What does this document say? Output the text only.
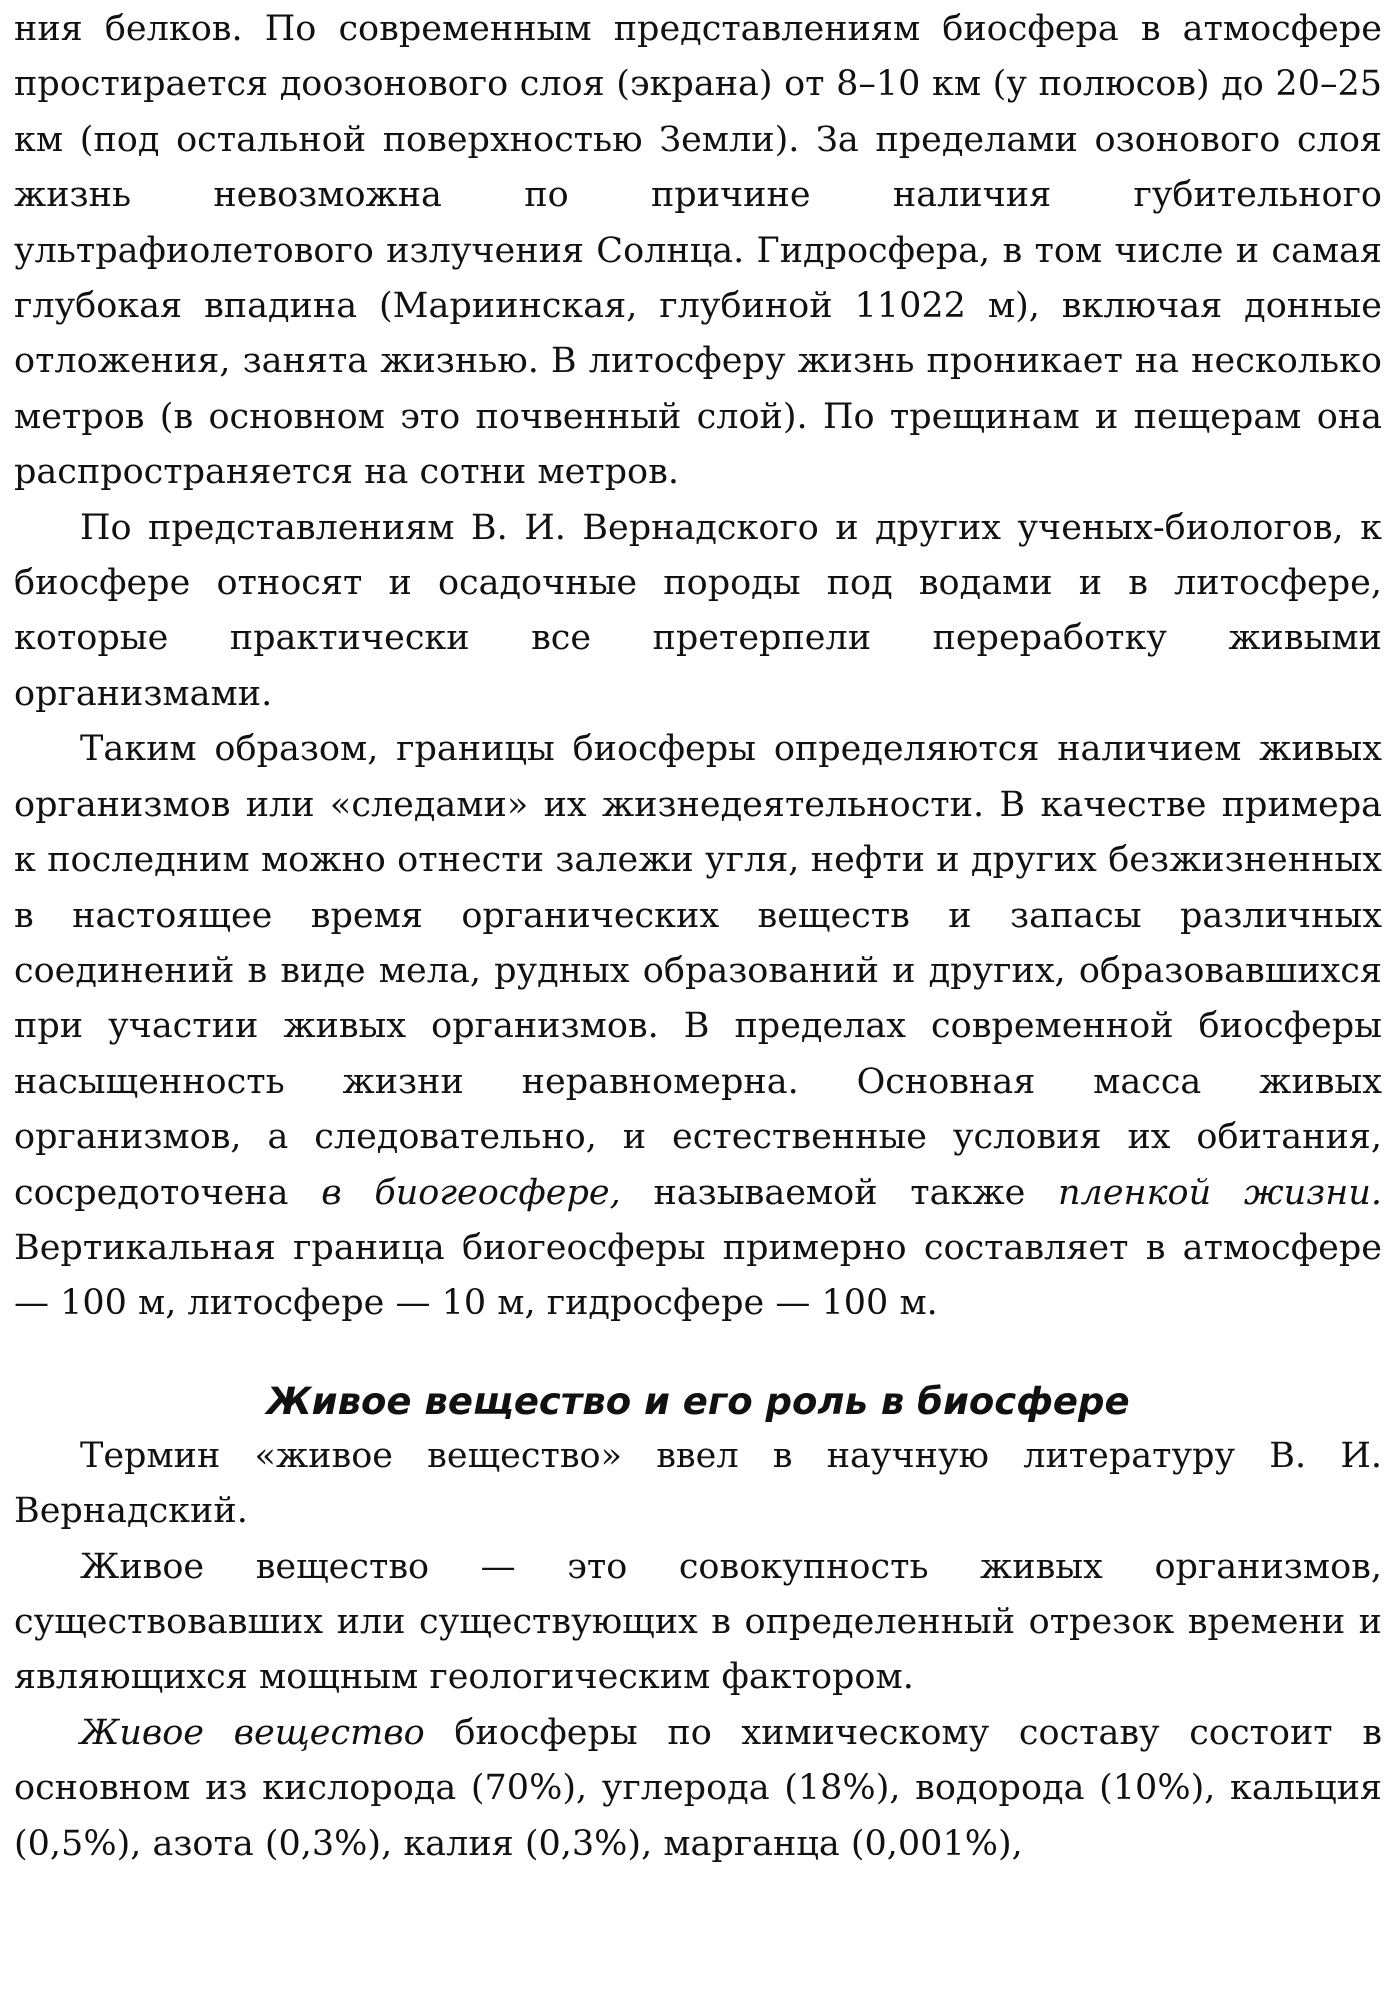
ния белков. По современным представлениям биосфера в атмосфере простирается доозонового слоя (экрана) от 8–10 км (у полюсов) до 20–25 км (под остальной поверхностью Земли). За пределами озонового слоя жизнь невозможна по причине наличия губительного ультрафиолетового излучения Солнца. Гидросфера, в том числе и самая глубокая впадина (Мариинская, глубиной 11022 м), включая донные отложения, занята жизнью. В литосферу жизнь проникает на несколько метров (в основном это почвенный слой). По трещинам и пещерам она распространяется на сотни метров.

По представлениям В. И. Вернадского и других ученых-биологов, к биосфере относят и осадочные породы под водами и в литосфере, которые практически все претерпели переработку живыми организмами.

Таким образом, границы биосферы определяются наличием живых организмов или «следами» их жизнедеятельности. В качестве примера к последним можно отнести залежи угля, нефти и других безжизненных в настоящее время органических веществ и запасы различных соединений в виде мела, рудных образований и других, образовавшихся при участии живых организмов. В пределах современной биосферы насыщенность жизни неравномерна. Основная масса живых организмов, а следовательно, и естественные условия их обитания, сосредоточена в биогеосфере, называемой также пленкой жизни. Вертикальная граница биогеосферы примерно составляет в атмосфере — 100 м, литосфере — 10 м, гидросфере — 100 м.

Живое вещество и его роль в биосфере

Термин «живое вещество» ввел в научную литературу В. И. Вернадский.

Живое вещество — это совокупность живых организмов, существовавших или существующих в определенный отрезок времени и являющихся мощным геологическим фактором.

Живое вещество биосферы по химическому составу состоит в основном из кислорода (70%), углерода (18%), водорода (10%), кальция (0,5%), азота (0,3%), калия (0,3%), марганца (0,001%),
